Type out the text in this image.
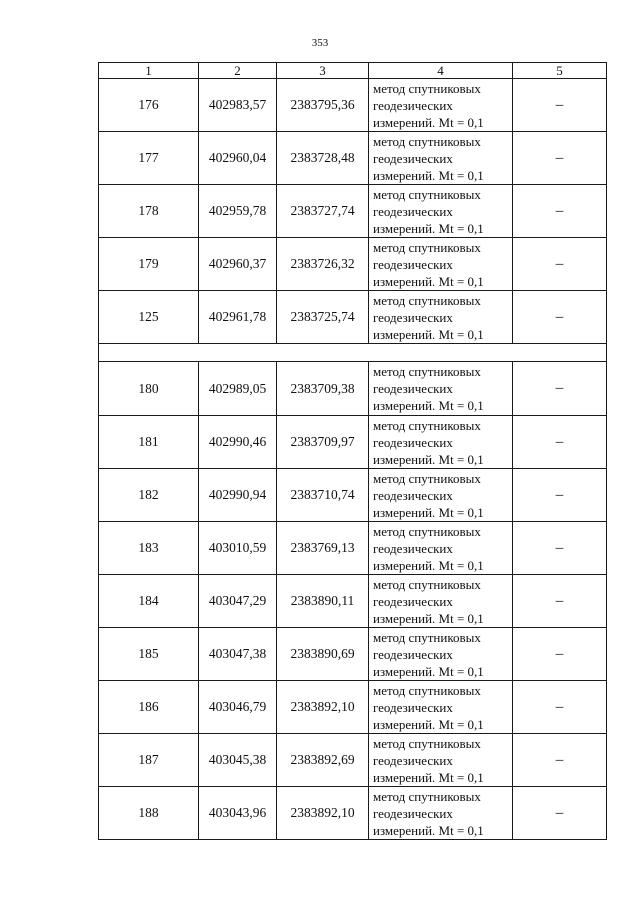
353
1	2	3	4	5
176	402983,57	2383795,36	метод спутниковых
геодезических
измерений. Mt = 0,1	–
177	402960,04	2383728,48	метод спутниковых
геодезических
измерений. Mt = 0,1	–
178	402959,78	2383727,74	метод спутниковых
геодезических
измерений. Mt = 0,1	–
179	402960,37	2383726,32	метод спутниковых
геодезических
измерений. Mt = 0,1	–
125	402961,78	2383725,74	метод спутниковых
геодезических
измерений. Mt = 0,1	–

180	402989,05	2383709,38	метод спутниковых
геодезических
измерений. Mt = 0,1	–
181	402990,46	2383709,97	метод спутниковых
геодезических
измерений. Mt = 0,1	–
182	402990,94	2383710,74	метод спутниковых
геодезических
измерений. Mt = 0,1	–
183	403010,59	2383769,13	метод спутниковых
геодезических
измерений. Mt = 0,1	–
184	403047,29	2383890,11	метод спутниковых
геодезических
измерений. Mt = 0,1	–
185	403047,38	2383890,69	метод спутниковых
геодезических
измерений. Mt = 0,1	–
186	403046,79	2383892,10	метод спутниковых
геодезических
измерений. Mt = 0,1	–
187	403045,38	2383892,69	метод спутниковых
геодезических
измерений. Mt = 0,1	–
188	403043,96	2383892,10	метод спутниковых
геодезических
измерений. Mt = 0,1	–
